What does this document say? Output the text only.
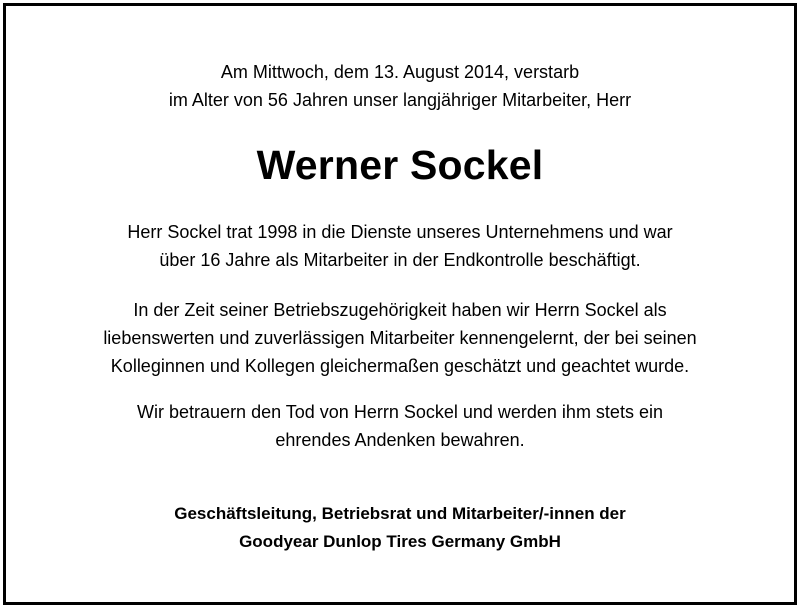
Am Mittwoch, dem 13. August 2014, verstarb
im Alter von 56 Jahren unser langjähriger Mitarbeiter, Herr
Werner Sockel
Herr Sockel trat 1998 in die Dienste unseres Unternehmens und war
über 16 Jahre als Mitarbeiter in der Endkontrolle beschäftigt.
In der Zeit seiner Betriebszugehörigkeit haben wir Herrn Sockel als
liebenswerten und zuverlässigen Mitarbeiter kennengelernt, der bei seinen
Kolleginnen und Kollegen gleichermaßen geschätzt und geachtet wurde.
Wir betrauern den Tod von Herrn Sockel und werden ihm stets ein
ehrendes Andenken bewahren.
Geschäftsleitung, Betriebsrat und Mitarbeiter/-innen der
Goodyear Dunlop Tires Germany GmbH
